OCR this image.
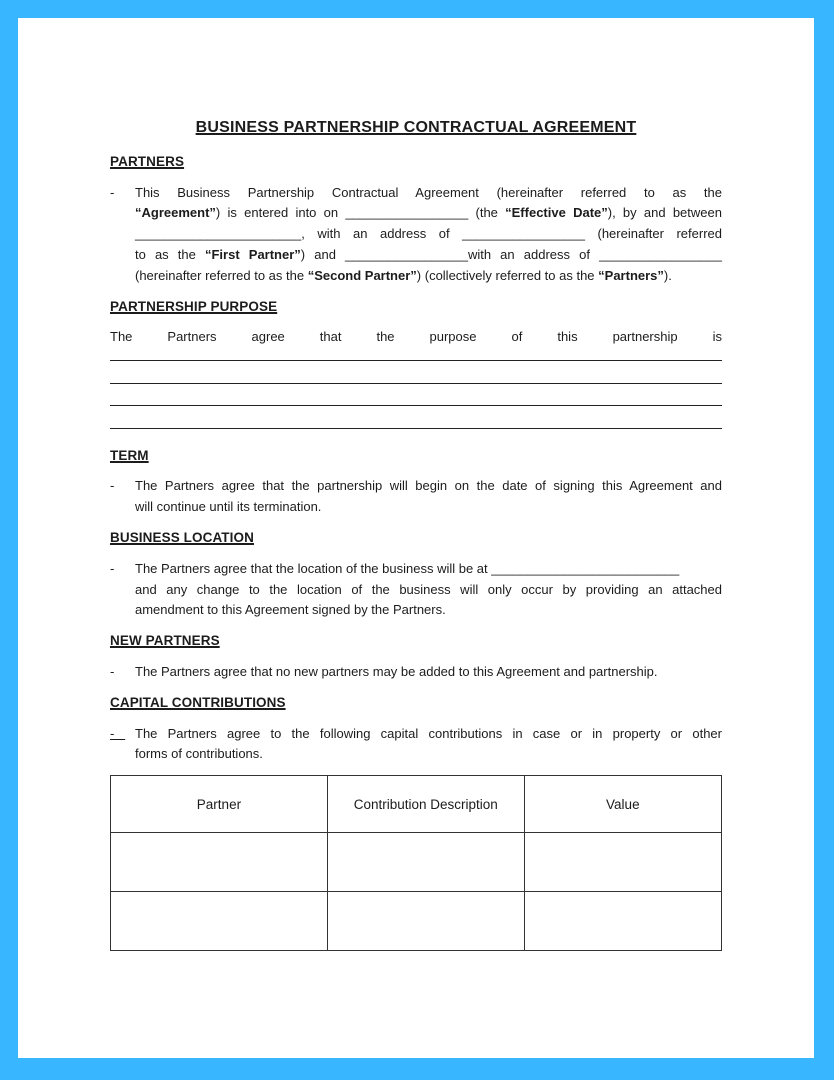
BUSINESS PARTNERSHIP CONTRACTUAL AGREEMENT
PARTNERS
- This Business Partnership Contractual Agreement (hereinafter referred to as the
“Agreement”) is entered into on _________________ (the “Effective Date”), by and between
_______________________, with an address of _________________ (hereinafter referred
to as the “First Partner”) and _________________with an address of _________________
(hereinafter referred to as the “Second Partner”) (collectively referred to as the “Partners”).
PARTNERSHIP PURPOSE
The Partners agree that the purpose of this partnership is
TERM
- The Partners agree that the partnership will begin on the date of signing this Agreement and
will continue until its termination.
BUSINESS LOCATION
- The Partners agree that the location of the business will be at __________________________
and any change to the location of the business will only occur by providing an attached
amendment to this Agreement signed by the Partners.
NEW PARTNERS
- The Partners agree that no new partners may be added to this Agreement and partnership.
CAPITAL CONTRIBUTIONS
- The Partners agree to the following capital contributions in case or in property or other
forms of contributions.
Partner	Contribution Description	Value
